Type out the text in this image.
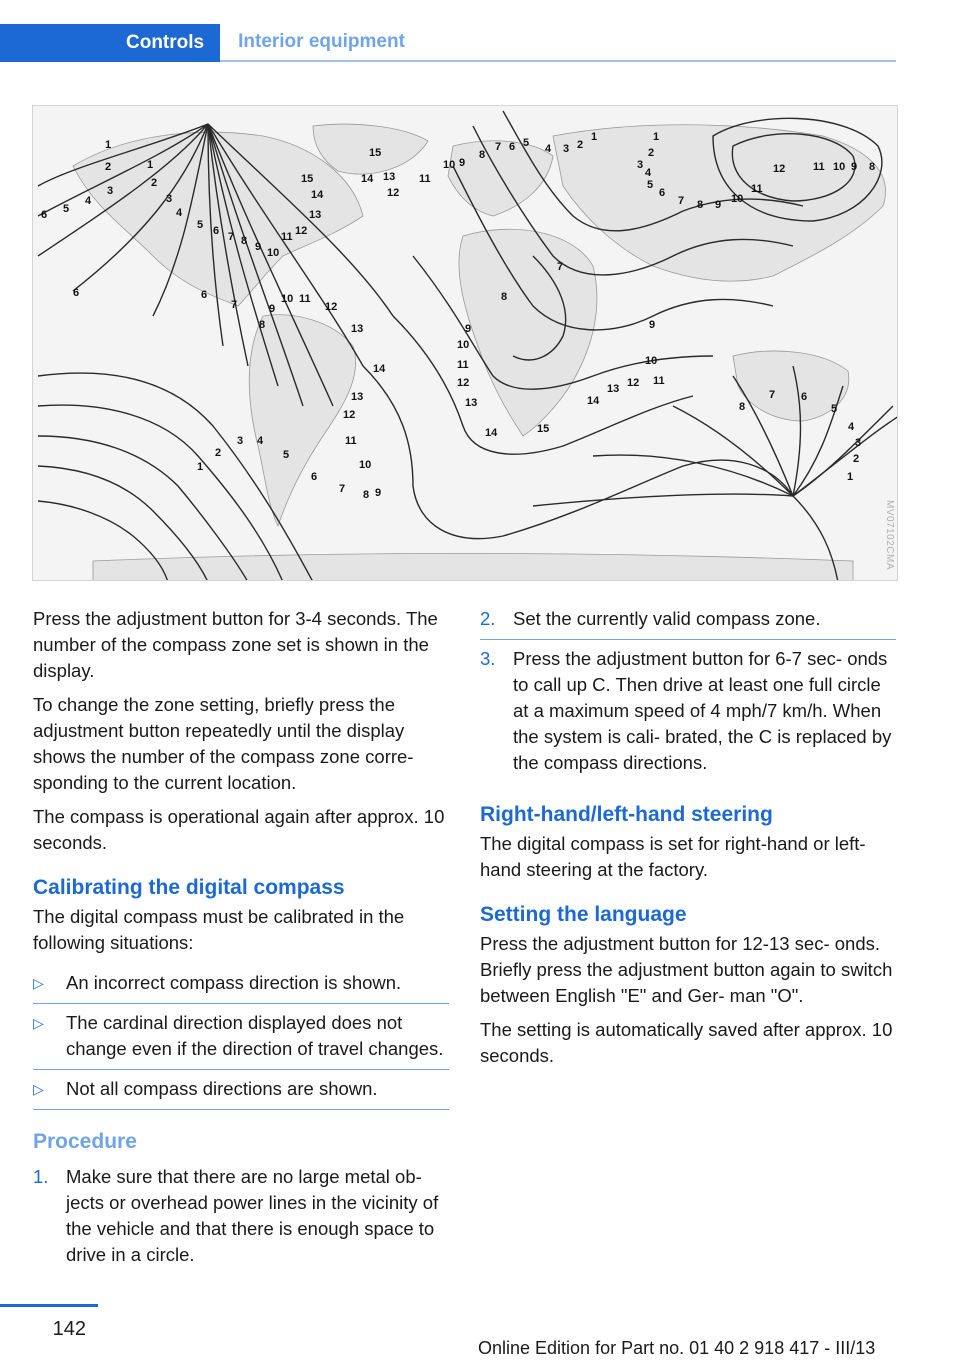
Controls	Interior equipment
1
2
3
4
5
6
1
2
3
4
5 6 7 8 9 10
11 12
13
14
15
15
14 13
12
11
10 9
8
7 6 5 4 3 2
1	1
2
3
4
5
6
7 8 9 10
11
12	11 10 9 8
6	6
7
8
9
10 11
12
13
14
13
12
11
10
9
8
7
6
5
4
3
2
1
9
10
11
12
13
14	15
8
7
9
10
11
12
13
14	8
7 6
5
4
3
2
1
MV07102CMA

Press the adjustment button for 3‑4 seconds. The number of the compass zone set is shown in the display.

To change the zone setting, briefly press the adjustment button repeatedly until the display shows the number of the compass zone corre‑ sponding to the current location.

The compass is operational again after approx. 10 seconds.

Calibrating the digital compass

The digital compass must be calibrated in the following situations:

▷ An incorrect compass direction is shown.
▷ The cardinal direction displayed does not change even if the direction of travel changes.
▷ Not all compass directions are shown.
Procedure
1. Make sure that there are no large metal ob‑ jects or overhead power lines in the vicinity of the vehicle and that there is enough space to drive in a circle.
2. Set the currently valid compass zone.
3. Press the adjustment button for 6‑7 sec‑ onds to call up C. Then drive at least one full circle at a maximum speed of 4 mph/7 km/h. When the system is cali‑ brated, the C is replaced by the compass directions.
Right-hand/left-hand steering

The digital compass is set for right-hand or left-hand steering at the factory.

Setting the language

Press the adjustment button for 12‑13 sec‑ onds. Briefly press the adjustment button again to switch between English "E" and Ger‑ man "O".

The setting is automatically saved after approx. 10 seconds.

142
Online Edition for Part no. 01 40 2 918 417 - III/13
